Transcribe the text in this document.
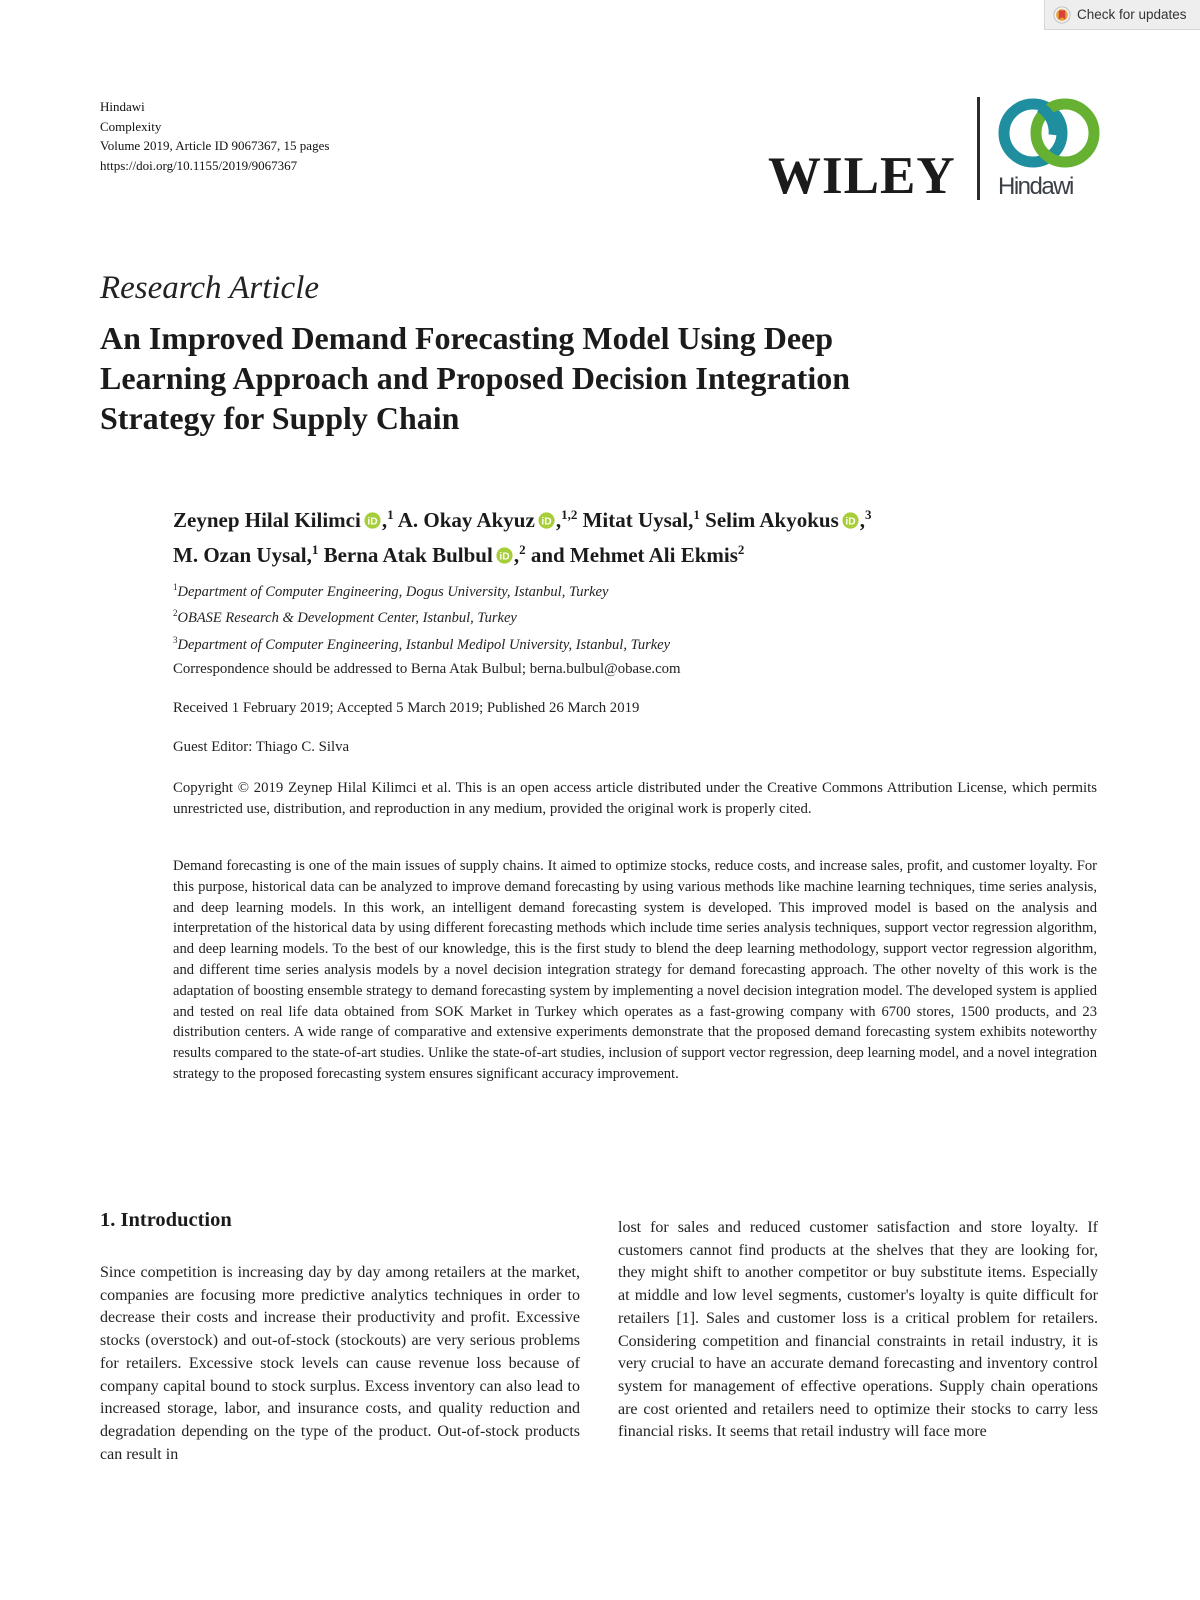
Check for updates
Hindawi
Complexity
Volume 2019, Article ID 9067367, 15 pages
https://doi.org/10.1155/2019/9067367	WILEY Hindawi
Research Article
An Improved Demand Forecasting Model Using Deep Learning Approach and Proposed Decision Integration Strategy for Supply Chain
Zeynep Hilal Kilimci iD ,$^1$ A. Okay Akyuz iD ,$^{1,2}$ Mitat Uysal,$^1$ Selim Akyokus iD ,$^3$
M. Ozan Uysal,$^1$ Berna Atak Bulbul iD ,$^2$ and Mehmet Ali Ekmis$^2$
$^1$Department of Computer Engineering, Dogus University, Istanbul, Turkey
$^2$OBASE Research & Development Center, Istanbul, Turkey
$^3$Department of Computer Engineering, Istanbul Medipol University, Istanbul, Turkey
Correspondence should be addressed to Berna Atak Bulbul; berna.bulbul@obase.com
Received 1 February 2019; Accepted 5 March 2019; Published 26 March 2019
Guest Editor: Thiago C. Silva
Copyright © 2019 Zeynep Hilal Kilimci et al. This is an open access article distributed under the Creative Commons Attribution License, which permits unrestricted use, distribution, and reproduction in any medium, provided the original work is properly cited.
Demand forecasting is one of the main issues of supply chains. It aimed to optimize stocks, reduce costs, and increase sales, profit, and customer loyalty. For this purpose, historical data can be analyzed to improve demand forecasting by using various methods like machine learning techniques, time series analysis, and deep learning models. In this work, an intelligent demand forecasting system is developed. This improved model is based on the analysis and interpretation of the historical data by using different forecasting methods which include time series analysis techniques, support vector regression algorithm, and deep learning models. To the best of our knowledge, this is the first study to blend the deep learning methodology, support vector regression algorithm, and different time series analysis models by a novel decision integration strategy for demand forecasting approach. The other novelty of this work is the adaptation of boosting ensemble strategy to demand forecasting system by implementing a novel decision integration model. The developed system is applied and tested on real life data obtained from SOK Market in Turkey which operates as a fast-growing company with 6700 stores, 1500 products, and 23 distribution centers. A wide range of comparative and extensive experiments demonstrate that the proposed demand forecasting system exhibits noteworthy results compared to the state-of-art studies. Unlike the state-of-art studies, inclusion of support vector regression, deep learning model, and a novel integration strategy to the proposed forecasting system ensures significant accuracy improvement.
1. Introduction
Since competition is increasing day by day among retailers at the market, companies are focusing more predictive analytics techniques in order to decrease their costs and increase their productivity and profit. Excessive stocks (overstock) and out-of-stock (stockouts) are very serious problems for retailers. Excessive stock levels can cause revenue loss because of company capital bound to stock surplus. Excess inventory can also lead to increased storage, labor, and insurance costs, and quality reduction and degradation depending on the type of the product. Out-of-stock products can result in
lost for sales and reduced customer satisfaction and store loyalty. If customers cannot find products at the shelves that they are looking for, they might shift to another competitor or buy substitute items. Especially at middle and low level segments, customer's loyalty is quite difficult for retailers [1]. Sales and customer loss is a critical problem for retailers. Considering competition and financial constraints in retail industry, it is very crucial to have an accurate demand forecasting and inventory control system for management of effective operations. Supply chain operations are cost oriented and retailers need to optimize their stocks to carry less financial risks. It seems that retail industry will face more
